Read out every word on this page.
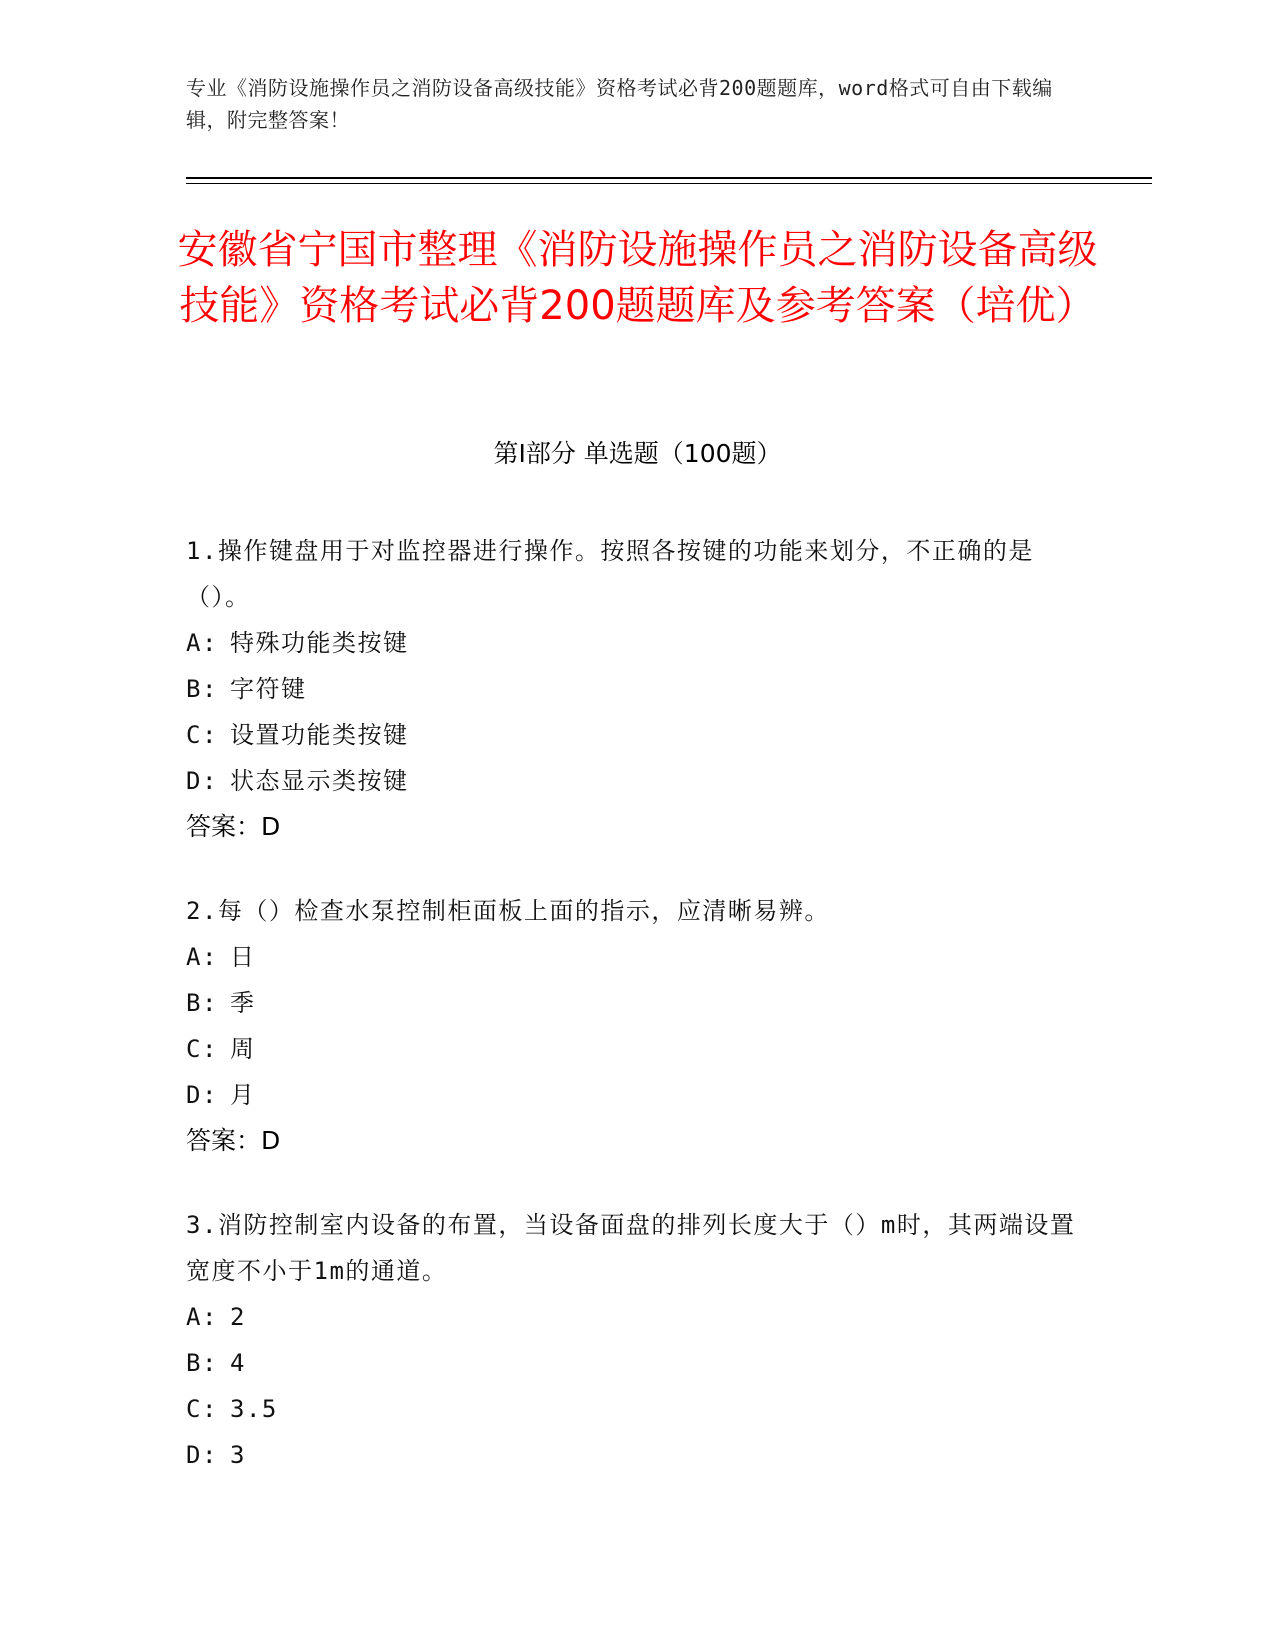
专业《消防设施操作员之消防设备高级技能》资格考试必背200题题库，word格式可自由下载编辑，附完整答案！
安徽省宁国市整理《消防设施操作员之消防设备高级技能》资格考试必背200题题库及参考答案（培优）
第I部分 单选题（100题）
1.操作键盘用于对监控器进行操作。按照各按键的功能来划分，不正确的是（）。
A: 特殊功能类按键
B: 字符键
C: 设置功能类按键
D: 状态显示类按键
答案：D
2.每（）检查水泵控制柜面板上面的指示，应清晰易辨。
A: 日
B: 季
C: 周
D: 月
答案：D
3.消防控制室内设备的布置，当设备面盘的排列长度大于（）m时，其两端设置宽度不小于1m的通道。
A: 2
B: 4
C: 3.5
D: 3
